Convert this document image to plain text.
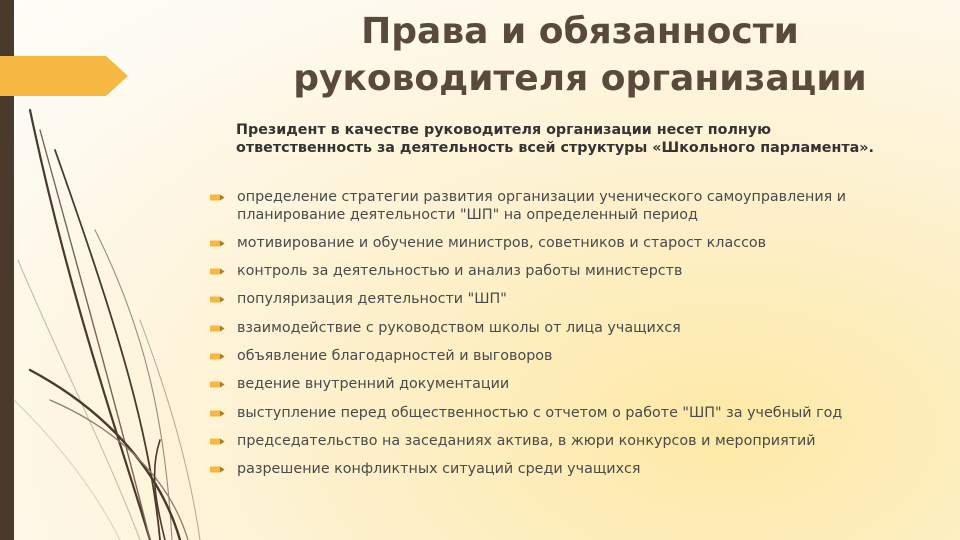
Права и обязанности
руководителя организации

Президент в качестве руководителя организации несет полную ответственность за деятельность всей структуры «Школьного парламента».

определение стратегии развития организации ученического самоуправления и планирование деятельности "ШП" на определенный период
мотивирование и обучение министров, советников и старост классов
контроль за деятельностью и анализ работы министерств
популяризация деятельности "ШП"
взаимодействие с руководством школы от лица учащихся
объявление благодарностей и выговоров
ведение внутренний документации
выступление перед общественностью с отчетом о работе "ШП" за учебный год
председательство на заседаниях актива, в жюри конкурсов и мероприятий
разрешение конфликтных ситуаций среди учащихся
